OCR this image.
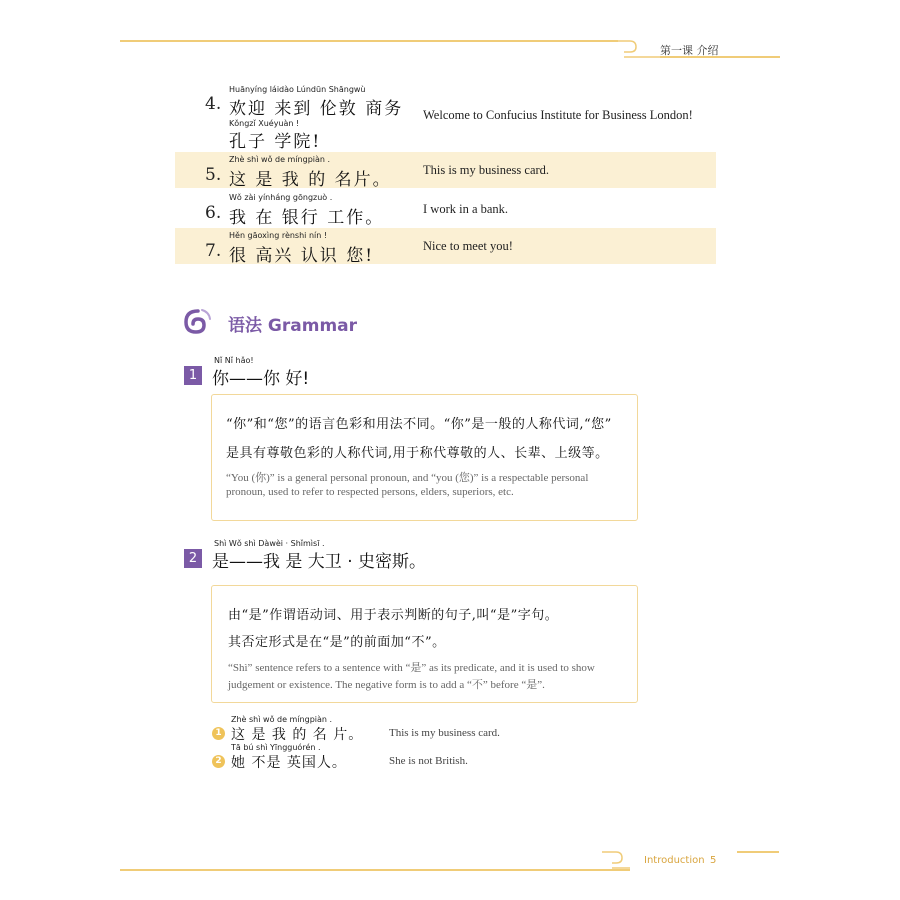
第一课 介绍
4.
Huānyíng láidào Lúndūn Shāngwù
欢迎 来到 伦敦 商务
Kǒngzǐ Xuéyuàn !
孔子 学院!
Welcome to Confucius Institute for Business London!
5.
Zhè shì wǒ de míngpiàn .
这 是 我 的 名片。	This is my business card.
6.
Wǒ zài yínháng gōngzuò .
我 在 银行 工作。	I work in a bank.
7.
Hěn gāoxìng rènshi nín !
很 高兴 认识 您!	Nice to meet you!
语法 Grammar
Nǐ Nǐ hǎo!
1 你——你 好!
“你”和“您”的语言色彩和用法不同。“你”是一般的人称代词,“您”
是具有尊敬色彩的人称代词,用于称代尊敬的人、长辈、上级等。
“You (你)” is a general personal pronoun, and “you (您)” is a respectable personal
pronoun, used to refer to respected persons, elders, superiors, etc.
Shì Wǒ shì Dàwèi · Shǐmìsī .
2 是——我 是 大卫 · 史密斯。
由“是”作谓语动词、用于表示判断的句子,叫“是”字句。
其否定形式是在“是”的前面加“不”。
“Shì” sentence refers to a sentence with “是” as its predicate, and it is used to show
judgement or existence. The negative form is to add a “不” before “是”.
Zhè shì wǒ de míngpiàn .
1 这 是 我 的 名 片。 This is my business card.
Tā bú shì Yīngguórén .
2 她 不是 英国人。	She is not British.
Introduction 5
